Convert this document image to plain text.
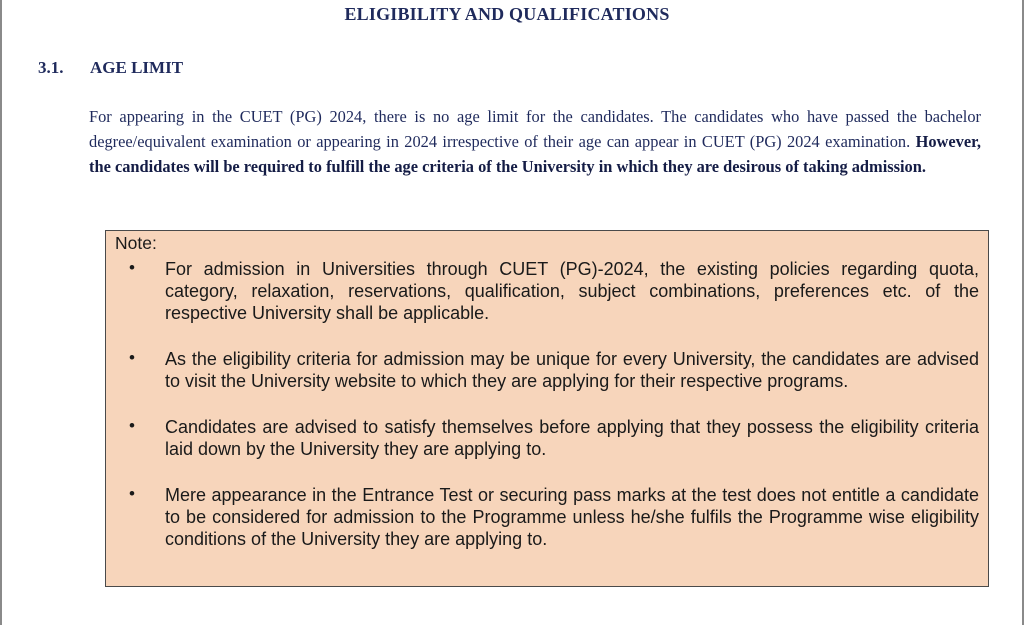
ELIGIBILITY AND QUALIFICATIONS
3.1. AGE LIMIT
For appearing in the CUET (PG) 2024, there is no age limit for the candidates. The candidates who have passed the bachelor degree/equivalent examination or appearing in 2024 irrespective of their age can appear in CUET (PG) 2024 examination. However, the candidates will be required to fulfill the age criteria of the University in which they are desirous of taking admission.
Note:
• For admission in Universities through CUET (PG)-2024, the existing policies regarding quota, category, relaxation, reservations, qualification, subject combinations, preferences etc. of the respective University shall be applicable.
• As the eligibility criteria for admission may be unique for every University, the candidates are advised to visit the University website to which they are applying for their respective programs.
• Candidates are advised to satisfy themselves before applying that they possess the eligibility criteria laid down by the University they are applying to.
• Mere appearance in the Entrance Test or securing pass marks at the test does not entitle a candidate to be considered for admission to the Programme unless he/she fulfils the Programme wise eligibility conditions of the University they are applying to.
